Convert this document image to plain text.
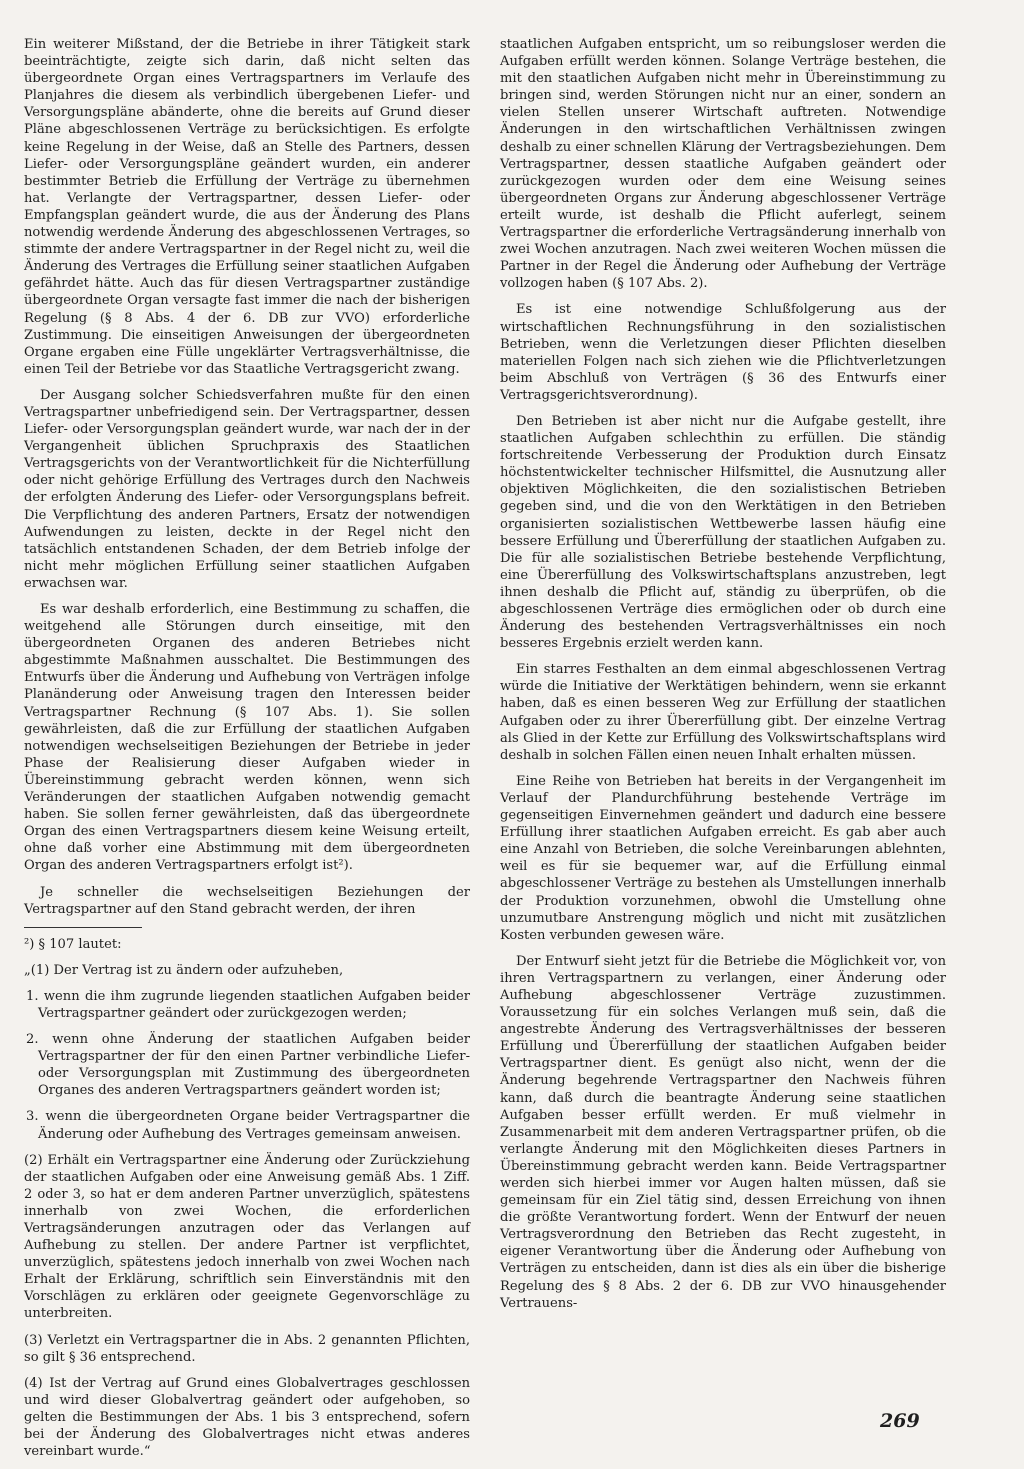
Ein weiterer Mißstand, der die Betriebe in ihrer Tätigkeit stark beeinträchtigte, zeigte sich darin, daß nicht selten das übergeordnete Organ eines Vertragspartners im Verlaufe des Planjahres die diesem als verbindlich übergebenen Liefer- und Versorgungspläne abänderte, ohne die bereits auf Grund dieser Pläne abgeschlossenen Verträge zu berücksichtigen. Es erfolgte keine Regelung in der Weise, daß an Stelle des Partners, dessen Liefer- oder Versorgungspläne geändert wurden, ein anderer bestimmter Betrieb die Erfüllung der Verträge zu übernehmen hat. Verlangte der Vertragspartner, dessen Liefer- oder Empfangsplan geändert wurde, die aus der Änderung des Plans notwendig werdende Änderung des abgeschlossenen Vertrages, so stimmte der andere Vertragspartner in der Regel nicht zu, weil die Änderung des Vertrages die Erfüllung seiner staatlichen Aufgaben gefährdet hätte. Auch das für diesen Vertragspartner zuständige übergeordnete Organ versagte fast immer die nach der bisherigen Regelung (§ 8 Abs. 4 der 6. DB zur VVO) erforderliche Zustimmung. Die einseitigen Anweisungen der übergeordneten Organe ergaben eine Fülle ungeklärter Vertragsverhältnisse, die einen Teil der Betriebe vor das Staatliche Vertragsgericht zwang.

Der Ausgang solcher Schiedsverfahren mußte für den einen Vertragspartner unbefriedigend sein. Der Vertragspartner, dessen Liefer- oder Versorgungsplan geändert wurde, war nach der in der Vergangenheit üblichen Spruchpraxis des Staatlichen Vertragsgerichts von der Verantwortlichkeit für die Nichterfüllung oder nicht gehörige Erfüllung des Vertrages durch den Nachweis der erfolgten Änderung des Liefer- oder Versorgungsplans befreit. Die Verpflichtung des anderen Partners, Ersatz der notwendigen Aufwendungen zu leisten, deckte in der Regel nicht den tatsächlich entstandenen Schaden, der dem Betrieb infolge der nicht mehr möglichen Erfüllung seiner staatlichen Aufgaben erwachsen war.

Es war deshalb erforderlich, eine Bestimmung zu schaffen, die weitgehend alle Störungen durch einseitige, mit den übergeordneten Organen des anderen Betriebes nicht abgestimmte Maßnahmen ausschaltet. Die Bestimmungen des Entwurfs über die Änderung und Aufhebung von Verträgen infolge Planänderung oder Anweisung tragen den Interessen beider Vertragspartner Rechnung (§ 107 Abs. 1). Sie sollen gewährleisten, daß die zur Erfüllung der staatlichen Aufgaben notwendigen wechselseitigen Beziehungen der Betriebe in jeder Phase der Realisierung dieser Aufgaben wieder in Übereinstimmung gebracht werden können, wenn sich Veränderungen der staatlichen Aufgaben notwendig gemacht haben. Sie sollen ferner gewährleisten, daß das übergeordnete Organ des einen Vertragspartners diesem keine Weisung erteilt, ohne daß vorher eine Abstimmung mit dem übergeordneten Organ des anderen Vertragspartners erfolgt ist²).

Je schneller die wechselseitigen Beziehungen der Vertragspartner auf den Stand gebracht werden, der ihren

²) § 107 lautet:

„(1) Der Vertrag ist zu ändern oder aufzuheben,

1. wenn die ihm zugrunde liegenden staatlichen Aufgaben beider Vertragspartner geändert oder zurückgezogen werden;

2. wenn ohne Änderung der staatlichen Aufgaben beider Vertragspartner der für den einen Partner verbindliche Liefer- oder Versorgungsplan mit Zustimmung des übergeordneten Organes des anderen Vertragspartners geändert worden ist;

3. wenn die übergeordneten Organe beider Vertragspartner die Änderung oder Aufhebung des Vertrages gemeinsam anweisen.

(2) Erhält ein Vertragspartner eine Änderung oder Zurückziehung der staatlichen Aufgaben oder eine Anweisung gemäß Abs. 1 Ziff. 2 oder 3, so hat er dem anderen Partner unverzüglich, spätestens innerhalb von zwei Wochen, die erforderlichen Vertragsänderungen anzutragen oder das Verlangen auf Aufhebung zu stellen. Der andere Partner ist verpflichtet, unverzüglich, spätestens jedoch innerhalb von zwei Wochen nach Erhalt der Erklärung, schriftlich sein Einverständnis mit den Vorschlägen zu erklären oder geeignete Gegenvorschläge zu unterbreiten.

(3) Verletzt ein Vertragspartner die in Abs. 2 genannten Pflichten, so gilt § 36 entsprechend.

(4) Ist der Vertrag auf Grund eines Globalvertrages geschlossen und wird dieser Globalvertrag geändert oder aufgehoben, so gelten die Bestimmungen der Abs. 1 bis 3 entsprechend, sofern bei der Änderung des Globalvertrages nicht etwas anderes vereinbart wurde.“

staatlichen Aufgaben entspricht, um so reibungsloser werden die Aufgaben erfüllt werden können. Solange Verträge bestehen, die mit den staatlichen Aufgaben nicht mehr in Übereinstimmung zu bringen sind, werden Störungen nicht nur an einer, sondern an vielen Stellen unserer Wirtschaft auftreten. Notwendige Änderungen in den wirtschaftlichen Verhältnissen zwingen deshalb zu einer schnellen Klärung der Vertragsbeziehungen. Dem Vertragspartner, dessen staatliche Aufgaben geändert oder zurückgezogen wurden oder dem eine Weisung seines übergeordneten Organs zur Änderung abgeschlossener Verträge erteilt wurde, ist deshalb die Pflicht auferlegt, seinem Vertragspartner die erforderliche Vertragsänderung innerhalb von zwei Wochen anzutragen. Nach zwei weiteren Wochen müssen die Partner in der Regel die Änderung oder Aufhebung der Verträge vollzogen haben (§ 107 Abs. 2).

Es ist eine notwendige Schlußfolgerung aus der wirtschaftlichen Rechnungsführung in den sozialistischen Betrieben, wenn die Verletzungen dieser Pflichten dieselben materiellen Folgen nach sich ziehen wie die Pflichtverletzungen beim Abschluß von Verträgen (§ 36 des Entwurfs einer Vertragsgerichtsverordnung).

Den Betrieben ist aber nicht nur die Aufgabe gestellt, ihre staatlichen Aufgaben schlechthin zu erfüllen. Die ständig fortschreitende Verbesserung der Produktion durch Einsatz höchstentwickelter technischer Hilfsmittel, die Ausnutzung aller objektiven Möglichkeiten, die den sozialistischen Betrieben gegeben sind, und die von den Werktätigen in den Betrieben organisierten sozialistischen Wettbewerbe lassen häufig eine bessere Erfüllung und Übererfüllung der staatlichen Aufgaben zu. Die für alle sozialistischen Betriebe bestehende Verpflichtung, eine Übererfüllung des Volkswirtschaftsplans anzustreben, legt ihnen deshalb die Pflicht auf, ständig zu überprüfen, ob die abgeschlossenen Verträge dies ermöglichen oder ob durch eine Änderung des bestehenden Vertragsverhältnisses ein noch besseres Ergebnis erzielt werden kann.

Ein starres Festhalten an dem einmal abgeschlossenen Vertrag würde die Initiative der Werktätigen behindern, wenn sie erkannt haben, daß es einen besseren Weg zur Erfüllung der staatlichen Aufgaben oder zu ihrer Übererfüllung gibt. Der einzelne Vertrag als Glied in der Kette zur Erfüllung des Volkswirtschaftsplans wird deshalb in solchen Fällen einen neuen Inhalt erhalten müssen.

Eine Reihe von Betrieben hat bereits in der Vergangenheit im Verlauf der Plandurchführung bestehende Verträge im gegenseitigen Einvernehmen geändert und dadurch eine bessere Erfüllung ihrer staatlichen Aufgaben erreicht. Es gab aber auch eine Anzahl von Betrieben, die solche Vereinbarungen ablehnten, weil es für sie bequemer war, auf die Erfüllung einmal abgeschlossener Verträge zu bestehen als Umstellungen innerhalb der Produktion vorzunehmen, obwohl die Umstellung ohne unzumutbare Anstrengung möglich und nicht mit zusätzlichen Kosten verbunden gewesen wäre.

Der Entwurf sieht jetzt für die Betriebe die Möglichkeit vor, von ihren Vertragspartnern zu verlangen, einer Änderung oder Aufhebung abgeschlossener Verträge zuzustimmen. Voraussetzung für ein solches Verlangen muß sein, daß die angestrebte Änderung des Vertragsverhältnisses der besseren Erfüllung und Übererfüllung der staatlichen Aufgaben beider Vertragspartner dient. Es genügt also nicht, wenn der die Änderung begehrende Vertragspartner den Nachweis führen kann, daß durch die beantragte Änderung seine staatlichen Aufgaben besser erfüllt werden. Er muß vielmehr in Zusammenarbeit mit dem anderen Vertragspartner prüfen, ob die verlangte Änderung mit den Möglichkeiten dieses Partners in Übereinstimmung gebracht werden kann. Beide Vertragspartner werden sich hierbei immer vor Augen halten müssen, daß sie gemeinsam für ein Ziel tätig sind, dessen Erreichung von ihnen die größte Verantwortung fordert. Wenn der Entwurf der neuen Vertragsverordnung den Betrieben das Recht zugesteht, in eigener Verantwortung über die Änderung oder Aufhebung von Verträgen zu entscheiden, dann ist dies als ein über die bisherige Regelung des § 8 Abs. 2 der 6. DB zur VVO hinausgehender Vertrauens-

269
